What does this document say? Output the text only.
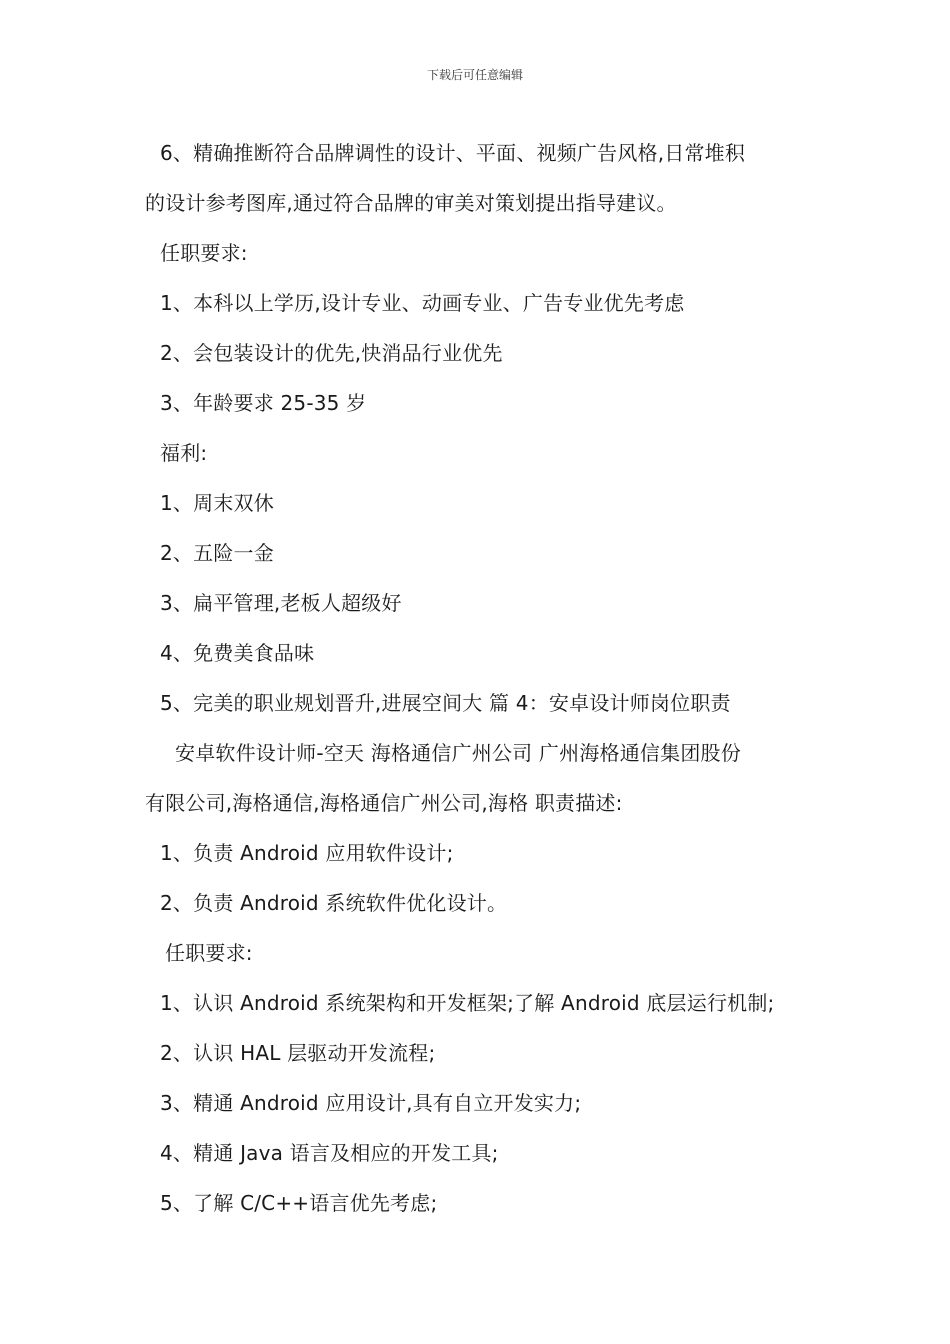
下载后可任意编辑
6、精确推断符合品牌调性的设计、平面、视频广告风格,日常堆积
的设计参考图库,通过符合品牌的审美对策划提出指导建议。
任职要求:
1、本科以上学历,设计专业、动画专业、广告专业优先考虑
2、会包装设计的优先,快消品行业优先
3、年龄要求 25-35 岁
福利:
1、周末双休
2、五险一金
3、扁平管理,老板人超级好
4、免费美食品味
5、完美的职业规划晋升,进展空间大 篇 4：安卓设计师岗位职责
安卓软件设计师-空天 海格通信广州公司 广州海格通信集团股份
有限公司,海格通信,海格通信广州公司,海格 职责描述:
1、负责 Android 应用软件设计;
2、负责 Android 系统软件优化设计。
任职要求:
1、认识 Android 系统架构和开发框架;了解 Android 底层运行机制;
2、认识 HAL 层驱动开发流程;
3、精通 Android 应用设计,具有自立开发实力;
4、精通 Java 语言及相应的开发工具;
5、了解 C/C++语言优先考虑;
